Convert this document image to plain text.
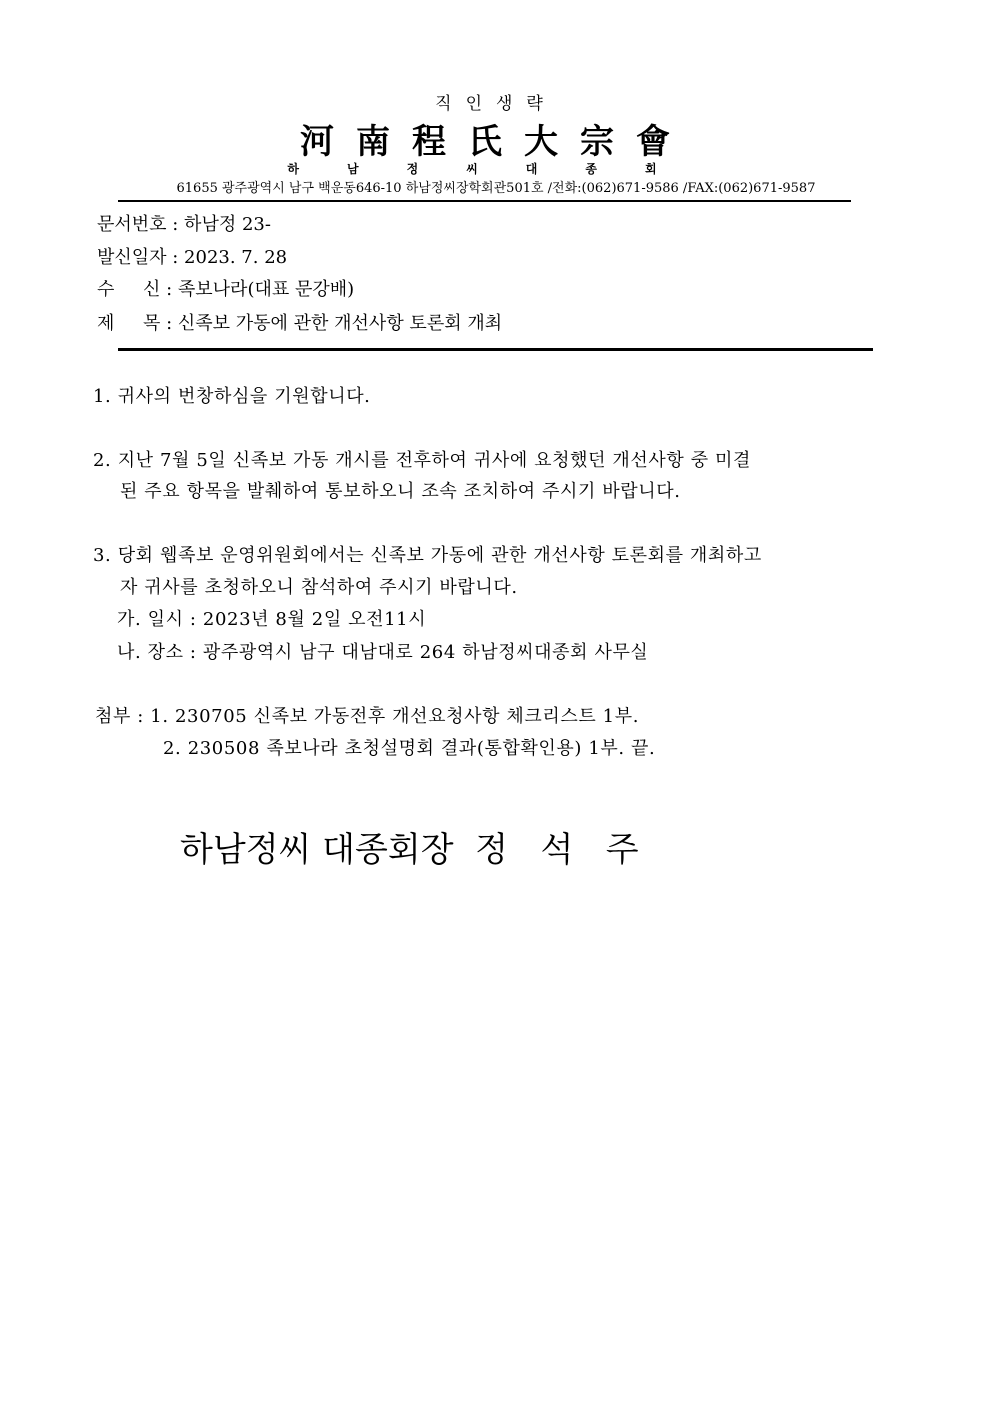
직인생략
河南程氏大宗會
하남정씨대종회
61655 광주광역시 남구 백운동646-10 하남정씨장학회관501호 /전화:(062)671-9586 /FAX:(062)671-9587
문서번호 : 하남정 23-
발신일자 : 2023. 7. 28
수     신 : 족보나라(대표 문강배)
제     목 : 신족보 가동에 관한 개선사항 토론회 개최
1. 귀사의 번창하심을 기원합니다.
2. 지난 7월 5일 신족보 가동 개시를 전후하여 귀사에 요청했던 개선사항 중 미결
된 주요 항목을 발췌하여 통보하오니 조속 조치하여 주시기 바랍니다.
3. 당회 웹족보 운영위원회에서는 신족보 가동에 관한 개선사항 토론회를 개최하고
자 귀사를 초청하오니 참석하여 주시기 바랍니다.
가. 일시 : 2023년 8월 2일 오전11시
나. 장소 : 광주광역시 남구 대남대로 264 하남정씨대종회 사무실
첨부 : 1. 230705 신족보 가동전후 개선요청사항 체크리스트 1부.
2. 230508 족보나라 초청설명회 결과(통합확인용) 1부. 끝.
하남정씨 대종회장  정   석   주
